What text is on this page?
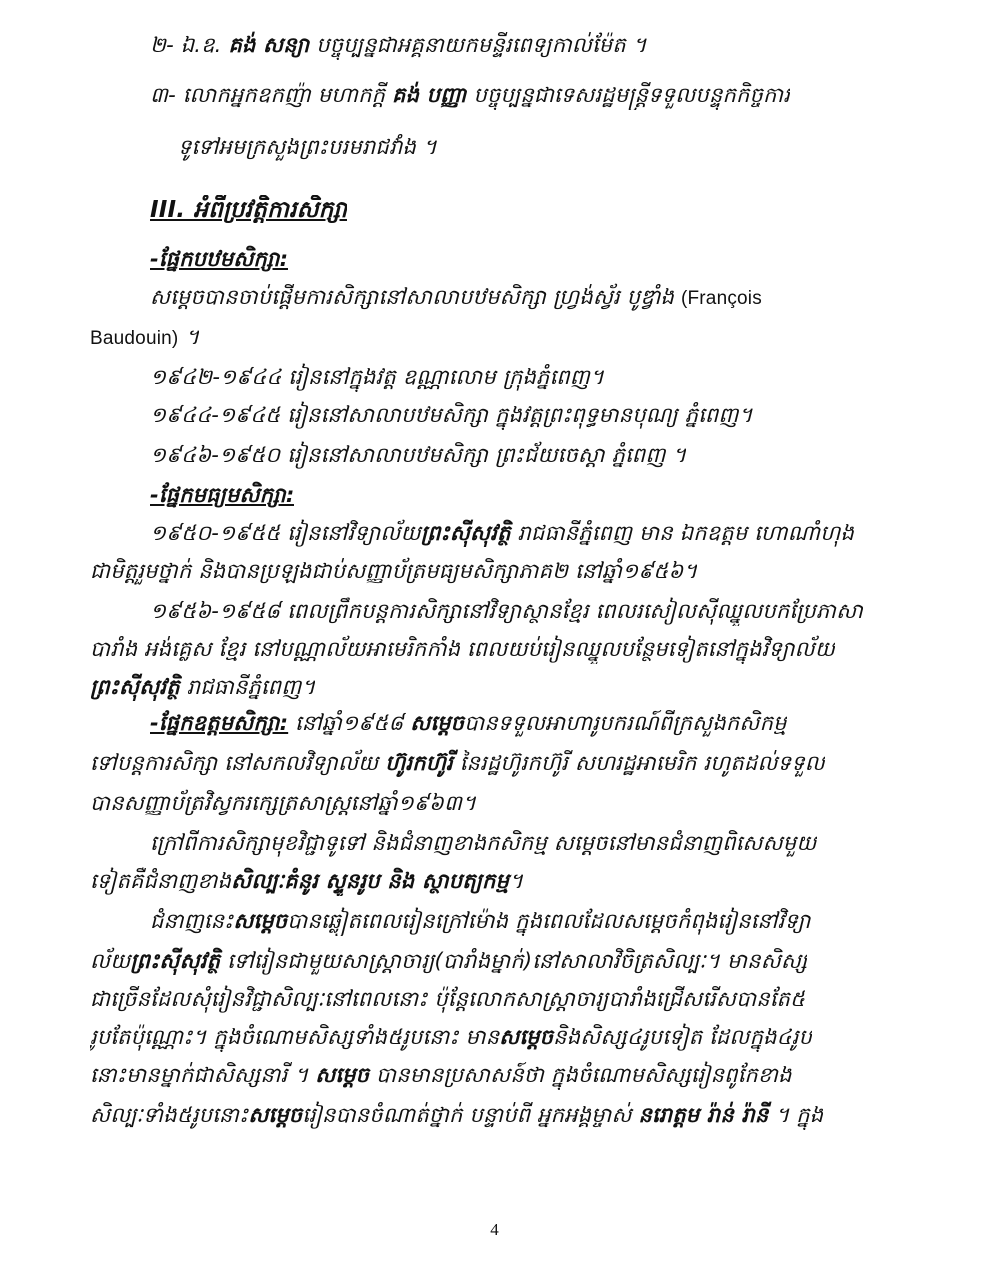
២- ឯ.ឧ. គង់ សន្យា បច្ចុប្បន្នជាអគ្គនាយកមន្ទីរពេទ្យកាល់ម៉ែត ។
៣- លោកអ្នកឧកញ៉ា មហាកក្តី គង់ បញ្ញា បច្ចុប្បន្នជាទេសរដ្ឋមន្ត្រីទទួលបន្ទុកកិច្ចការ
ទូទៅអមក្រសួងព្រះបរមរាជវាំង ។
III. អំពីប្រវត្តិការសិក្សា
-ផ្នែកបឋមសិក្សា:
សម្តេចបានចាប់ផ្តើមការសិក្សានៅសាលាបឋមសិក្សា ហ្វ្រង់ស័្វរ បូឌ្វាំង (François
Baudouin) ។
១៩៤២-១៩៤៤ រៀននៅក្នុងវត្ត ឧណ្ណាលោម ក្រុងភ្នំពេញ។
១៩៤៤-១៩៤៥ រៀននៅសាលាបឋមសិក្សា ក្នុងវត្តព្រះពុទ្ធមានបុណ្យ ភ្នំពេញ។
១៩៤៦-១៩៥០ រៀននៅសាលាបឋមសិក្សា ព្រះជ័យចេស្តា ភ្នំពេញ ។
-ផ្នែកមធ្យមសិក្សា:
១៩៥០-១៩៥៥ រៀននៅវិទ្យាល័យព្រះស៊ីសុវត្ថិ រាជធានីភ្នំពេញ មាន ឯកឧត្តម ហោណាំហុង
ជាមិត្តរួមថ្នាក់ និងបានប្រឡងជាប់សញ្ញាប័ត្រមធ្យមសិក្សាភាគ២ នៅឆ្នាំ១៩៥៦។
១៩៥៦-១៩៥៨ ពេលព្រឹកបន្តការសិក្សានៅវិទ្យាស្ថានខ្មែរ ពេលរសៀលស៊ីឈ្នួលបកប្រែភាសា
បារាំង អង់គ្លេស ខ្មែរ នៅបណ្ណាល័យអាមេរិកកាំង ពេលយប់រៀនឈ្នួលបន្ថែមទៀតនៅក្នុងវិទ្យាល័យ
ព្រះស៊ីសុវត្ថិ រាជធានីភ្នំពេញ។
-ផ្នែកឧត្តមសិក្សា: នៅឆ្នាំ១៩៥៨ សម្តេចបានទទួលអាហារូបករណ៍ពីក្រសួងកសិកម្ម
ទៅបន្តការសិក្សា នៅសកលវិទ្យាល័យ ហ៊ូរកហ៊ូរី នៃរដ្ឋហ៊ូរកហ៊ូរី សហរដ្ឋអាមេរិក រហូតដល់ទទួល
បានសញ្ញាប័ត្រវិស្វករក្សេត្រសាស្ត្រនៅឆ្នាំ១៩៦៣។
ក្រៅពីការសិក្សាមុខវិជ្ជាទូទៅ និងជំនាញខាងកសិកម្ម សម្តេចនៅមានជំនាញពិសេសមួយ
ទៀតគឺជំនាញខាងសិល្បៈគំនូរ ស្ទូនរូប និង ស្ថាបត្យកម្ម។
ជំនាញនេះសម្តេចបានឆ្លៀតពេលរៀនក្រៅម៉ោង ក្នុងពេលដែលសម្តេចកំពុងរៀននៅវិទ្យា
ល័យព្រះស៊ីសុវត្ថិ ទៅរៀនជាមួយសាស្ត្រាចារ្យ(បារាំងម្នាក់)នៅសាលាវិចិត្រសិល្បៈ។ មានសិស្ស
ជាច្រើនដែលសុំរៀនវិជ្ជាសិល្បៈនៅពេលនោះ ប៉ុន្តែលោកសាស្ត្រាចារ្យបារាំងជ្រើសរើសបានតែ៥
រូបតែប៉ុណ្ណោះ។ ក្នុងចំណោមសិស្សទាំង៥រូបនោះ មានសម្តេចនិងសិស្ស៤រូបទៀត ដែលក្នុង៤រូប
នោះមានម្នាក់ជាសិស្សនារី ។ សម្តេច បានមានប្រសាសន៍ថា ក្នុងចំណោមសិស្សរៀនពូកែខាង
សិល្បៈទាំង៥រូបនោះសម្តេចរៀនបានចំណាត់ថ្នាក់ បន្ទាប់ពី អ្នកអង្គម្ចាស់ នរោត្តម រ៉ាន់ រ៉ានី ។ ក្នុង
4
